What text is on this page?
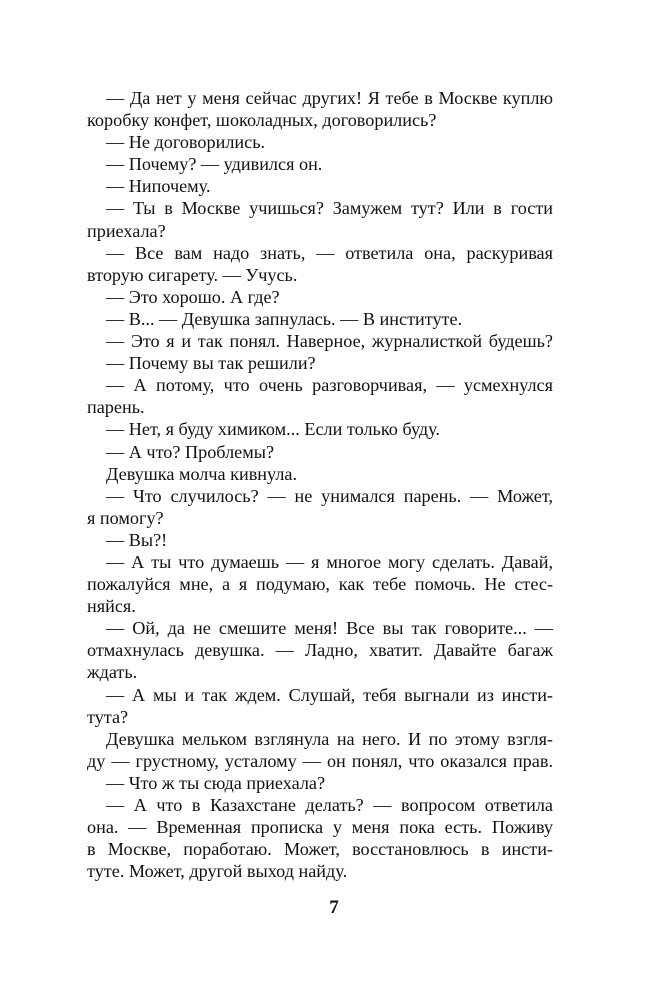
— Да нет у меня сейчас других! Я тебе в Москве куплю
коробку конфет, шоколадных, договорились?
— Не договорились.
— Почему? — удивился он.
— Нипочему.
— Ты в Москве учишься? Замужем тут? Или в гости
приехала?
— Все вам надо знать, — ответила она, раскуривая
вторую сигарету. — Учусь.
— Это хорошо. А где?
— В... — Девушка запнулась. — В институте.
— Это я и так понял. Наверное, журналисткой будешь?
— Почему вы так решили?
— А потому, что очень разговорчивая, — усмехнулся
парень.
— Нет, я буду химиком... Если только буду.
— А что? Проблемы?
Девушка молча кивнула.
— Что случилось? — не унимался парень. — Может,
я помогу?
— Вы?!
— А ты что думаешь — я многое могу сделать. Давай,
пожалуйся мне, а я подумаю, как тебе помочь. Не стес-
няйся.
— Ой, да не смешите меня! Все вы так говорите... —
отмахнулась девушка. — Ладно, хватит. Давайте багаж
ждать.
— А мы и так ждем. Слушай, тебя выгнали из инсти-
тута?
Девушка мельком взглянула на него. И по этому взгля-
ду — грустному, усталому — он понял, что оказался прав.
— Что ж ты сюда приехала?
— А что в Казахстане делать? — вопросом ответила
она. — Временная прописка у меня пока есть. Поживу
в Москве, поработаю. Может, восстановлюсь в инсти-
туте. Может, другой выход найду.
7
